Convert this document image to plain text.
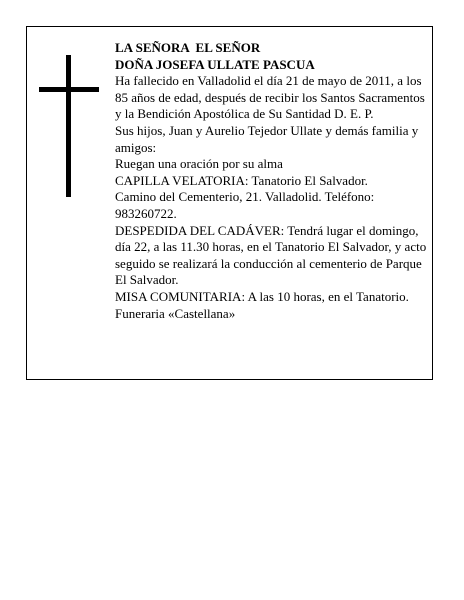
LA SEÑORA  EL SEÑOR

DOÑA JOSEFA ULLATE PASCUA

Ha fallecido en Valladolid el día 21 de mayo de 2011, a los 85 años de edad, después de recibir los Santos Sacramentos y la Bendición Apostólica de Su Santidad D. E. P.

Sus hijos, Juan y Aurelio Tejedor Ullate y demás familia y amigos:

Ruegan una oración por su alma

CAPILLA VELATORIA: Tanatorio El Salvador.

Camino del Cementerio, 21. Valladolid. Teléfono: 983260722.

DESPEDIDA DEL CADÁVER: Tendrá lugar el domingo, día 22, a las 11.30 horas, en el Tanatorio El Salvador, y acto seguido se realizará la conducción al cementerio de Parque El Salvador.

MISA COMUNITARIA: A las 10 horas, en el Tanatorio.

Funeraria «Castellana»
